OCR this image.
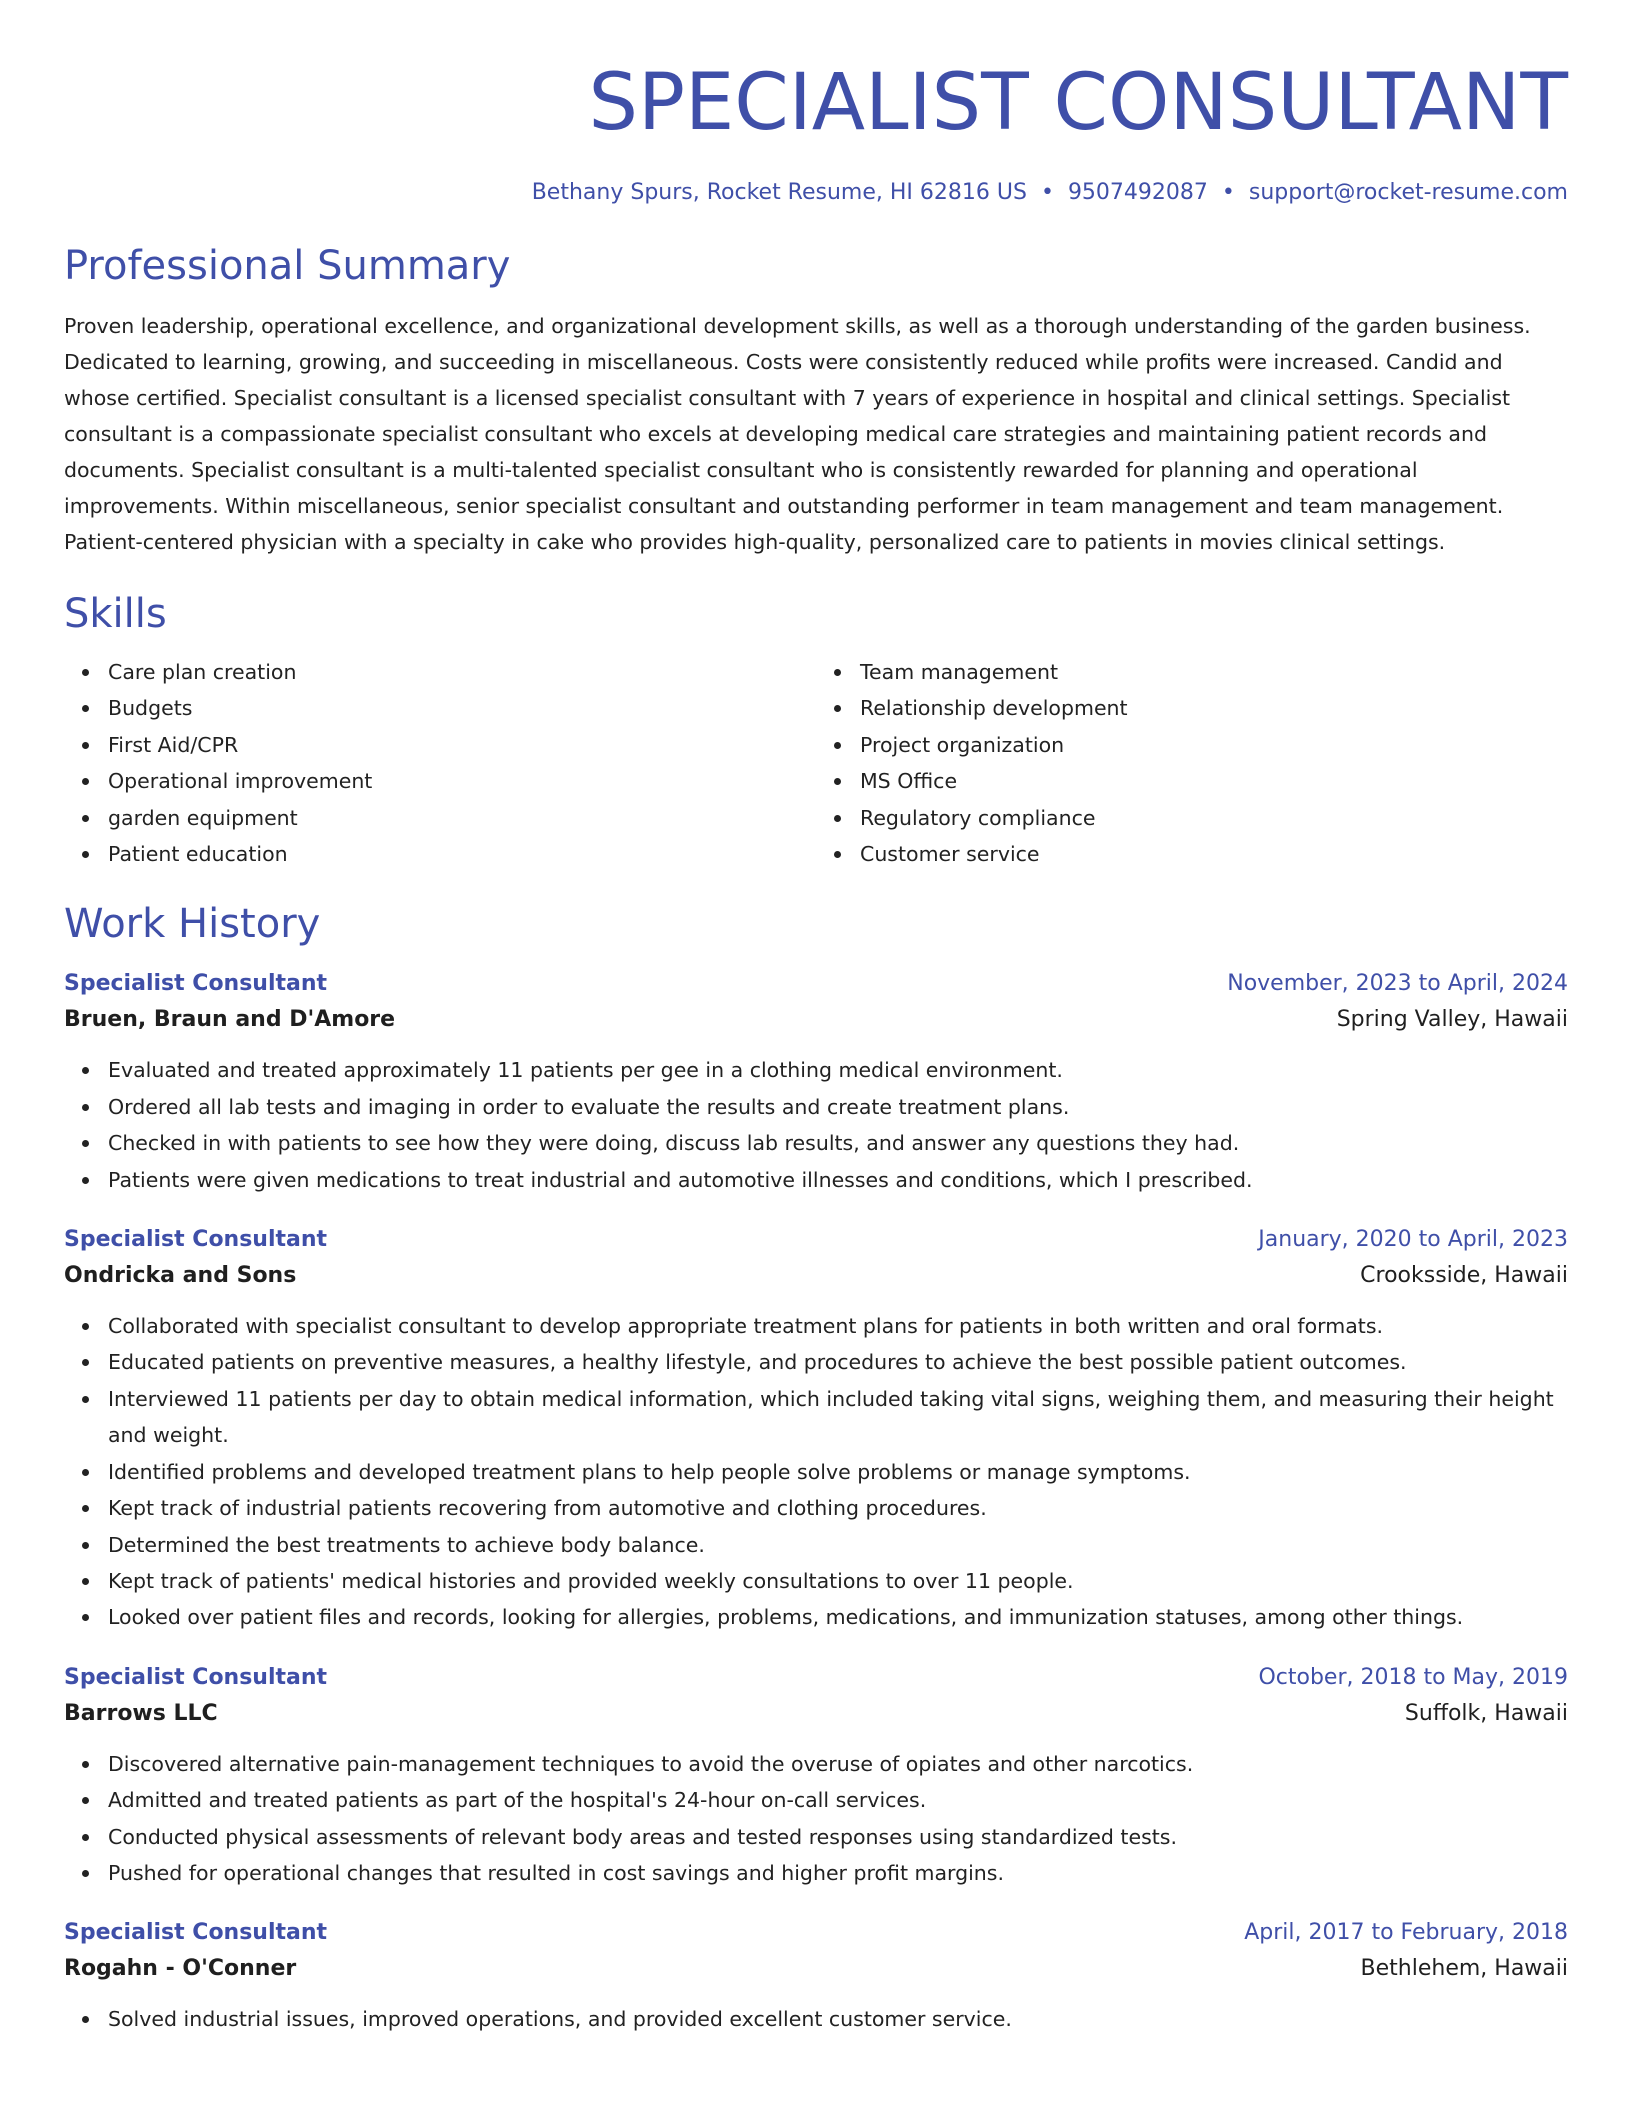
SPECIALIST CONSULTANT
Bethany Spurs, Rocket Resume, HI 62816 US • 9507492087 • support@rocket-resume.com
Professional Summary
Proven leadership, operational excellence, and organizational development skills, as well as a thorough understanding of the garden business. Dedicated to learning, growing, and succeeding in miscellaneous. Costs were consistently reduced while profits were increased. Candid and whose certified. Specialist consultant is a licensed specialist consultant with 7 years of experience in hospital and clinical settings. Specialist consultant is a compassionate specialist consultant who excels at developing medical care strategies and maintaining patient records and documents. Specialist consultant is a multi-talented specialist consultant who is consistently rewarded for planning and operational improvements. Within miscellaneous, senior specialist consultant and outstanding performer in team management and team management. Patient-centered physician with a specialty in cake who provides high-quality, personalized care to patients in movies clinical settings.
Skills
Care plan creation
Budgets
First Aid/CPR
Operational improvement
garden equipment
Patient education
Team management
Relationship development
Project organization
MS Office
Regulatory compliance
Customer service
Work History
Specialist Consultant	November, 2023 to April, 2024
Bruen, Braun and D'Amore	Spring Valley, Hawaii
Evaluated and treated approximately 11 patients per gee in a clothing medical environment.
Ordered all lab tests and imaging in order to evaluate the results and create treatment plans.
Checked in with patients to see how they were doing, discuss lab results, and answer any questions they had.
Patients were given medications to treat industrial and automotive illnesses and conditions, which I prescribed.
Specialist Consultant	January, 2020 to April, 2023
Ondricka and Sons	Crooksside, Hawaii
Collaborated with specialist consultant to develop appropriate treatment plans for patients in both written and oral formats.
Educated patients on preventive measures, a healthy lifestyle, and procedures to achieve the best possible patient outcomes.
Interviewed 11 patients per day to obtain medical information, which included taking vital signs, weighing them, and measuring their height and weight.
Identified problems and developed treatment plans to help people solve problems or manage symptoms.
Kept track of industrial patients recovering from automotive and clothing procedures.
Determined the best treatments to achieve body balance.
Kept track of patients' medical histories and provided weekly consultations to over 11 people.
Looked over patient files and records, looking for allergies, problems, medications, and immunization statuses, among other things.
Specialist Consultant	October, 2018 to May, 2019
Barrows LLC	Suffolk, Hawaii
Discovered alternative pain-management techniques to avoid the overuse of opiates and other narcotics.
Admitted and treated patients as part of the hospital's 24-hour on-call services.
Conducted physical assessments of relevant body areas and tested responses using standardized tests.
Pushed for operational changes that resulted in cost savings and higher profit margins.
Specialist Consultant	April, 2017 to February, 2018
Rogahn - O'Conner	Bethlehem, Hawaii
Solved industrial issues, improved operations, and provided excellent customer service.
